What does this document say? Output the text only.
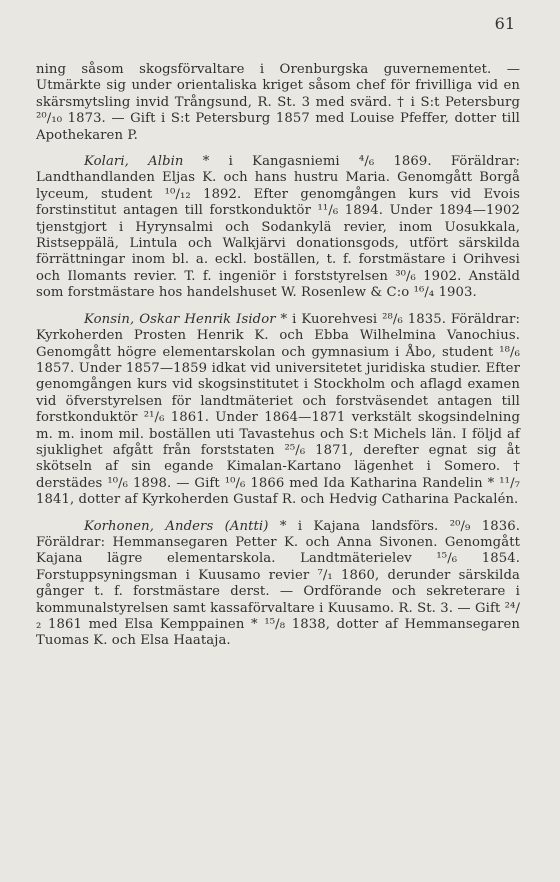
61

ning såsom skogsförvaltare i Orenburgska guvernementet. — Utmärkte sig under orientaliska kriget såsom chef för frivilliga vid en skärsmytsling invid Trångsund, R. St. 3 med svärd. † i S:t Petersburg ²⁰/₁₀ 1873. — Gift i S:t Petersburg 1857 med Louise Pfeffer, dotter till Apothekaren P.

Kolari, Albin * i Kangasniemi ⁴/₆ 1869. Föräldrar: Landthandlanden Eljas K. och hans hustru Maria. Genomgått Borgå lyceum, student ¹⁰/₁₂ 1892. Efter genomgången kurs vid Evois forstinstitut antagen till forstkonduktör ¹¹/₆ 1894. Under 1894—1902 tjenstgjort i Hyrynsalmi och Sodankylä revier, inom Uosukkala, Ristseppälä, Lintula och Walkjärvi donationsgods, utfört särskilda förrättningar inom bl. a. eckl. boställen, t. f. forstmästare i Orihvesi och Ilomants revier. T. f. ingeniör i forststyrelsen ³⁰/₆ 1902. Anstäld som forstmästare hos handelshuset W. Rosenlew & C:o ¹⁶/₄ 1903.

Konsin, Oskar Henrik Isidor * i Kuorehvesi ²⁸/₆ 1835. Föräldrar: Kyrkoherden Prosten Henrik K. och Ebba Wilhelmina Vanochius. Genomgått högre elementarskolan och gymnasium i Åbo, student ¹⁸/₆ 1857. Under 1857—1859 idkat vid universitetet juridiska studier. Efter genomgången kurs vid skogsinstitutet i Stockholm och aflagd examen vid öfverstyrelsen för landtmäteriet och forstväsendet antagen till forstkonduktör ²¹/₆ 1861. Under 1864—1871 verkstält skogsindelning m. m. inom mil. boställen uti Tavastehus och S:t Michels län. I följd af sjuklighet afgått från forststaten ²⁵/₆ 1871, derefter egnat sig åt skötseln af sin egande Kimalan-Kartano lägenhet i Somero. † derstädes ¹⁰/₆ 1898. — Gift ¹⁰/₆ 1866 med Ida Katharina Randelin * ¹¹/₇ 1841, dotter af Kyrkoherden Gustaf R. och Hedvig Catharina Packalén.

Korhonen, Anders (Antti) * i Kajana landsförs. ²⁰/₉ 1836. Föräldrar: Hemmansegaren Petter K. och Anna Sivonen. Genomgått Kajana lägre elementarskola. Landtmäterielev ¹⁵/₆ 1854. Forstuppsyningsman i Kuusamo revier ⁷/₁ 1860, derunder särskilda gånger t. f. forstmästare derst. — Ordförande och sekreterare i kommunalstyrelsen samt kassaförvaltare i Kuusamo. R. St. 3. — Gift ²⁴/₂ 1861 med Elsa Kemppainen * ¹⁵/₈ 1838, dotter af Hemmansegaren Tuomas K. och Elsa Haataja.
